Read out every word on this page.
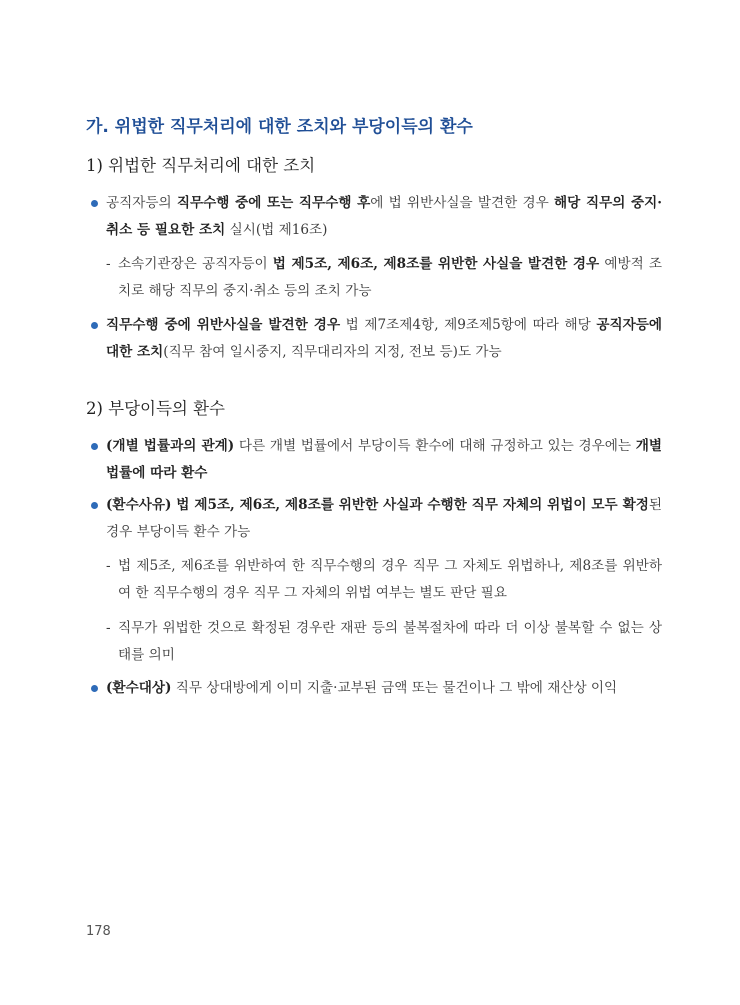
가. 위법한 직무처리에 대한 조치와 부당이득의 환수
1) 위법한 직무처리에 대한 조치
공직자등의 직무수행 중에 또는 직무수행 후에 법 위반사실을 발견한 경우 해당 직무의 중지·취소 등 필요한 조치 실시(법 제16조)
- 소속기관장은 공직자등이 법 제5조, 제6조, 제8조를 위반한 사실을 발견한 경우 예방적 조치로 해당 직무의 중지·취소 등의 조치 가능
직무수행 중에 위반사실을 발견한 경우 법 제7조제4항, 제9조제5항에 따라 해당 공직자등에 대한 조치(직무 참여 일시중지, 직무대리자의 지정, 전보 등)도 가능
2) 부당이득의 환수
(개별 법률과의 관계) 다른 개별 법률에서 부당이득 환수에 대해 규정하고 있는 경우에는 개별 법률에 따라 환수
(환수사유) 법 제5조, 제6조, 제8조를 위반한 사실과 수행한 직무 자체의 위법이 모두 확정된 경우 부당이득 환수 가능
- 법 제5조, 제6조를 위반하여 한 직무수행의 경우 직무 그 자체도 위법하나, 제8조를 위반하여 한 직무수행의 경우 직무 그 자체의 위법 여부는 별도 판단 필요
- 직무가 위법한 것으로 확정된 경우란 재판 등의 불복절차에 따라 더 이상 불복할 수 없는 상태를 의미
(환수대상) 직무 상대방에게 이미 지출·교부된 금액 또는 물건이나 그 밖에 재산상 이익
178
